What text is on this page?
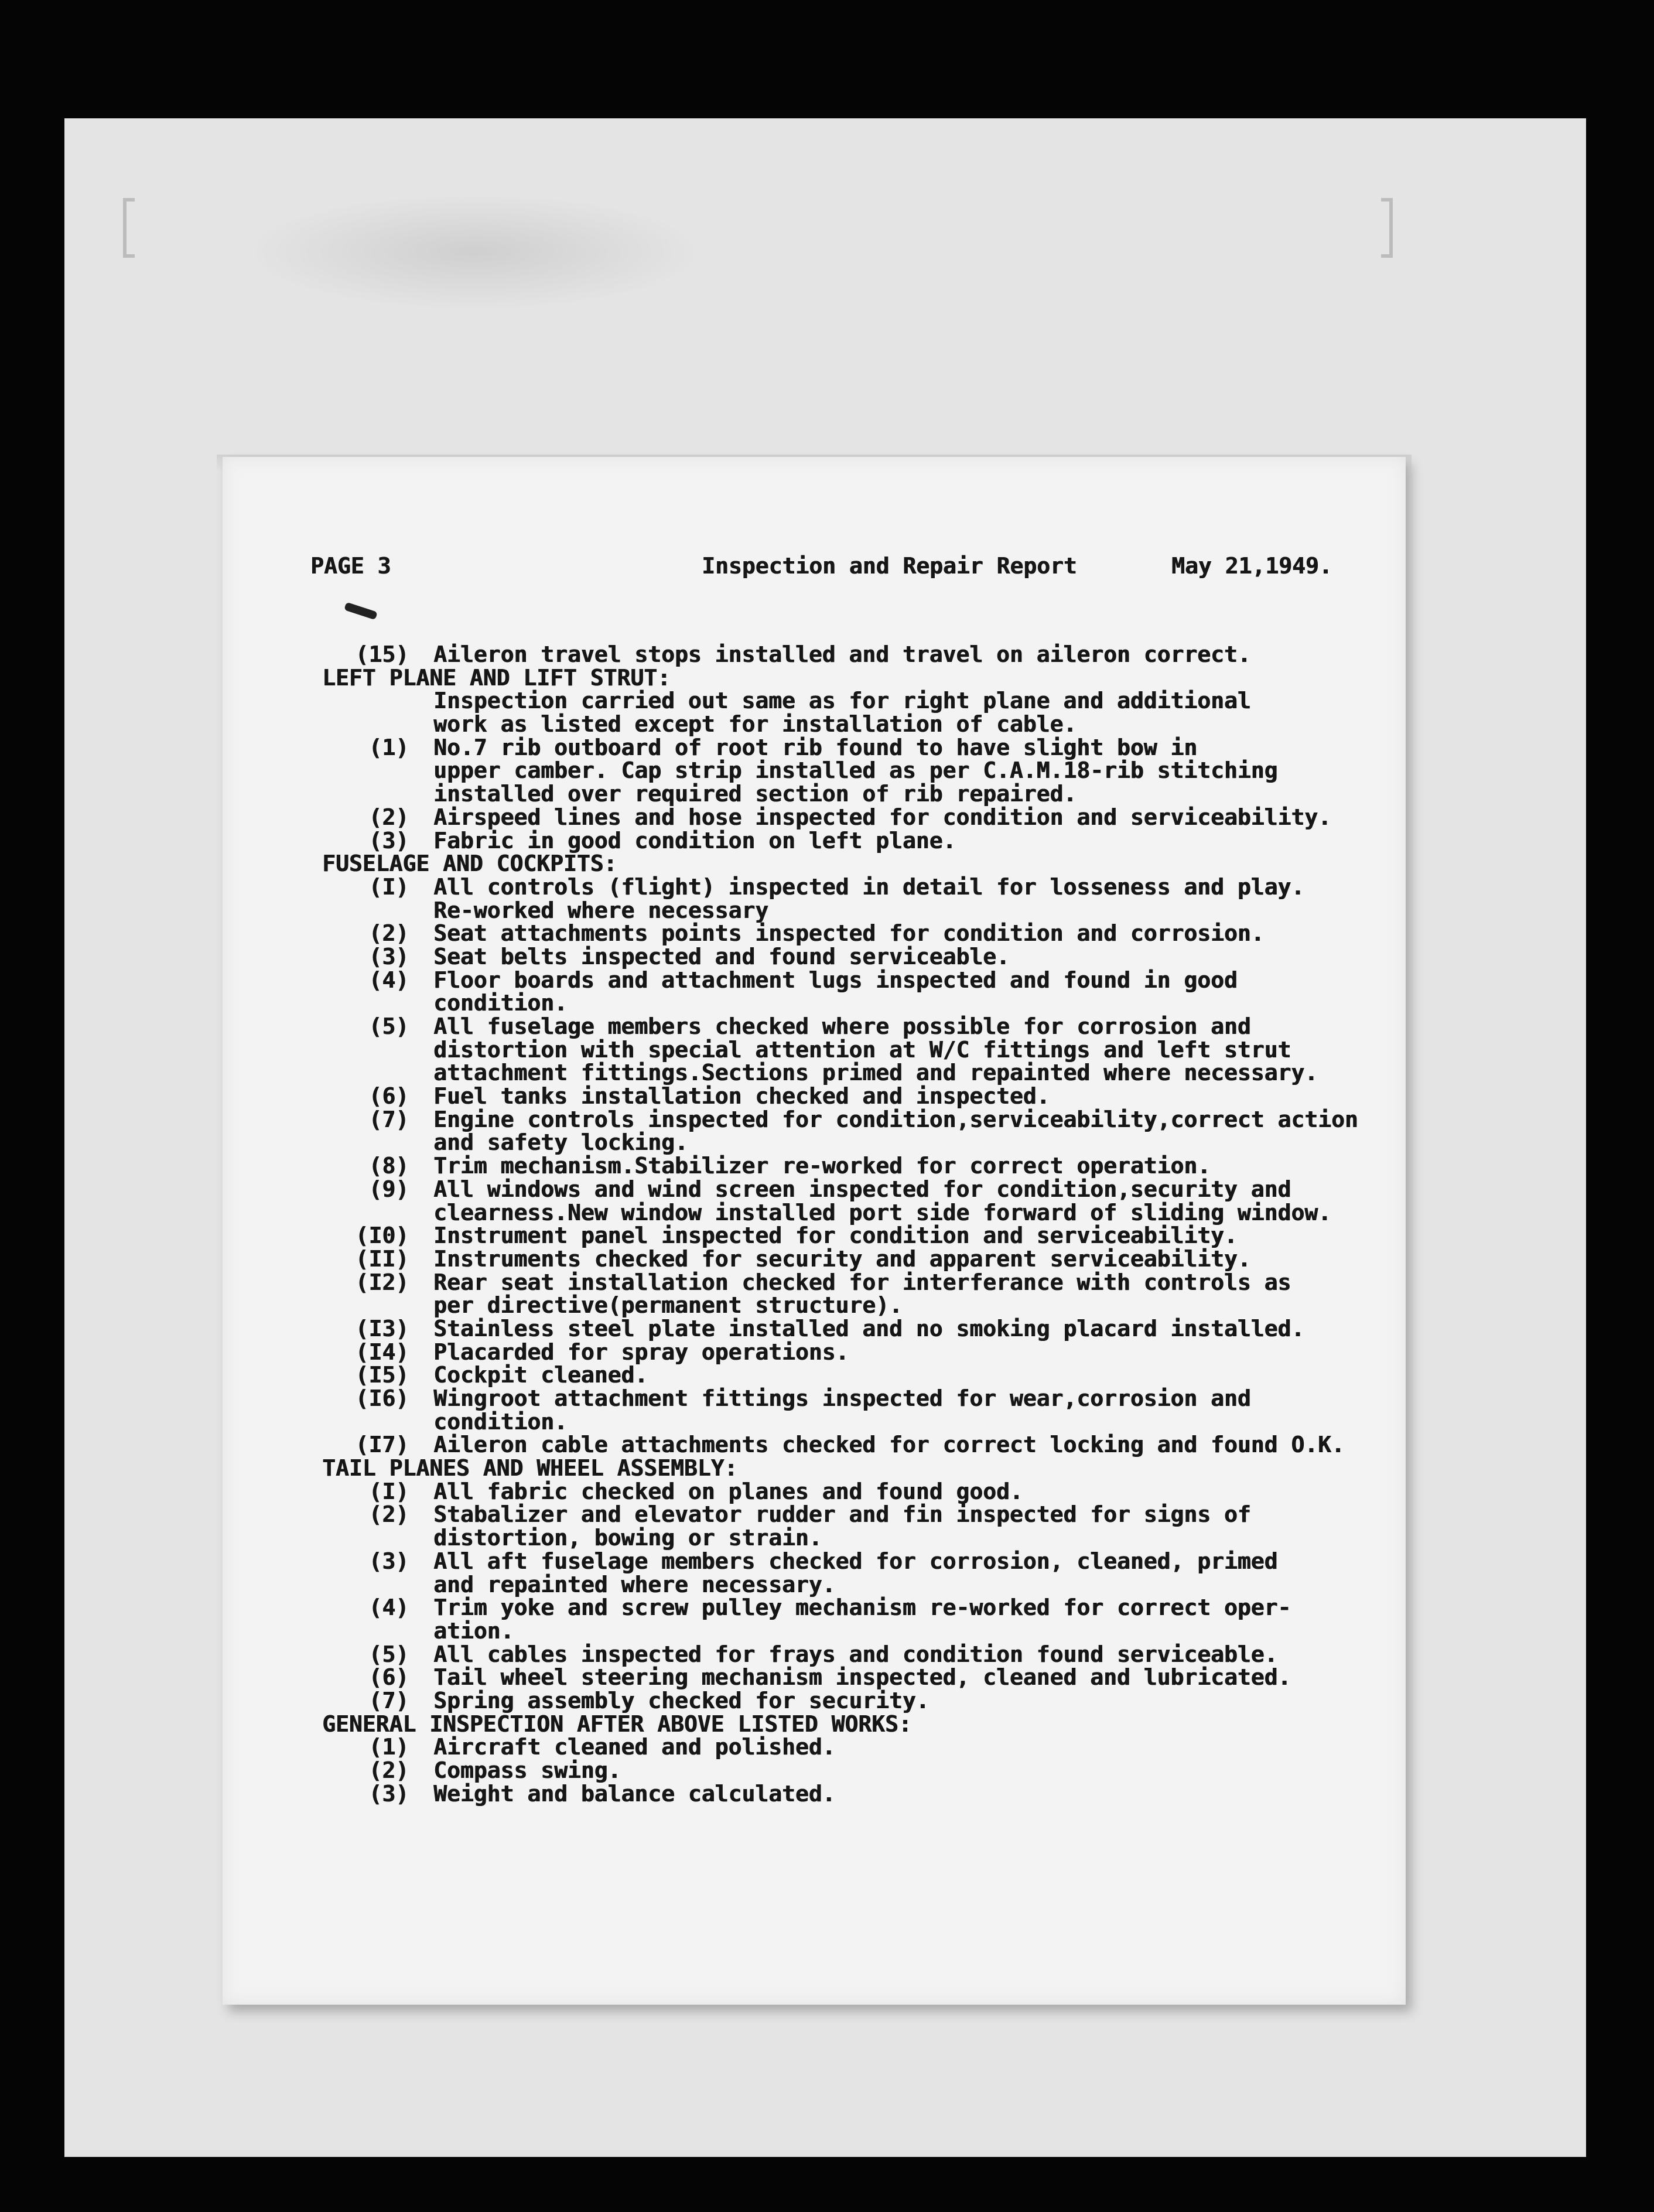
PAGE 3	Inspection and Repair Report	May 21,1949.
(15)	Aileron travel stops installed and travel on aileron correct.
LEFT PLANE AND LIFT STRUT:
Inspection carried out same as for right plane and additional
work as listed except for installation of cable.
(1)	No.7 rib outboard of root rib found to have slight bow in
upper camber. Cap strip installed as per C.A.M.18-rib stitching
installed over required section of rib repaired.
(2)	Airspeed lines and hose inspected for condition and serviceability.
(3)	Fabric in good condition on left plane.
FUSELAGE AND COCKPITS:
(I)	All controls (flight) inspected in detail for losseness and play.
Re-worked where necessary
(2)	Seat attachments points inspected for condition and corrosion.
(3)	Seat belts inspected and found serviceable.
(4)	Floor boards and attachment lugs inspected and found in good
condition.
(5)	All fuselage members checked where possible for corrosion and
distortion with special attention at W/C fittings and left strut
attachment fittings.Sections primed and repainted where necessary.
(6)	Fuel tanks installation checked and inspected.
(7)	Engine controls inspected for condition,serviceability,correct action
and safety locking.
(8)	Trim mechanism.Stabilizer re-worked for correct operation.
(9)	All windows and wind screen inspected for condition,security and
clearness.New window installed port side forward of sliding window.
(I0)	Instrument panel inspected for condition and serviceability.
(II)	Instruments checked for security and apparent serviceability.
(I2)	Rear seat installation checked for interferance with controls as
per directive(permanent structure).
(I3)	Stainless steel plate installed and no smoking placard installed.
(I4)	Placarded for spray operations.
(I5)	Cockpit cleaned.
(I6)	Wingroot attachment fittings inspected for wear,corrosion and
condition.
(I7)	Aileron cable attachments checked for correct locking and found O.K.
TAIL PLANES AND WHEEL ASSEMBLY:
(I)	All fabric checked on planes and found good.
(2)	Stabalizer and elevator rudder and fin inspected for signs of
distortion, bowing or strain.
(3)	All aft fuselage members checked for corrosion, cleaned, primed
and repainted where necessary.
(4)	Trim yoke and screw pulley mechanism re-worked for correct oper-
ation.
(5)	All cables inspected for frays and condition found serviceable.
(6)	Tail wheel steering mechanism inspected, cleaned and lubricated.
(7)	Spring assembly checked for security.
GENERAL INSPECTION AFTER ABOVE LISTED WORKS:
(1)	Aircraft cleaned and polished.
(2)	Compass swing.
(3)	Weight and balance calculated.
